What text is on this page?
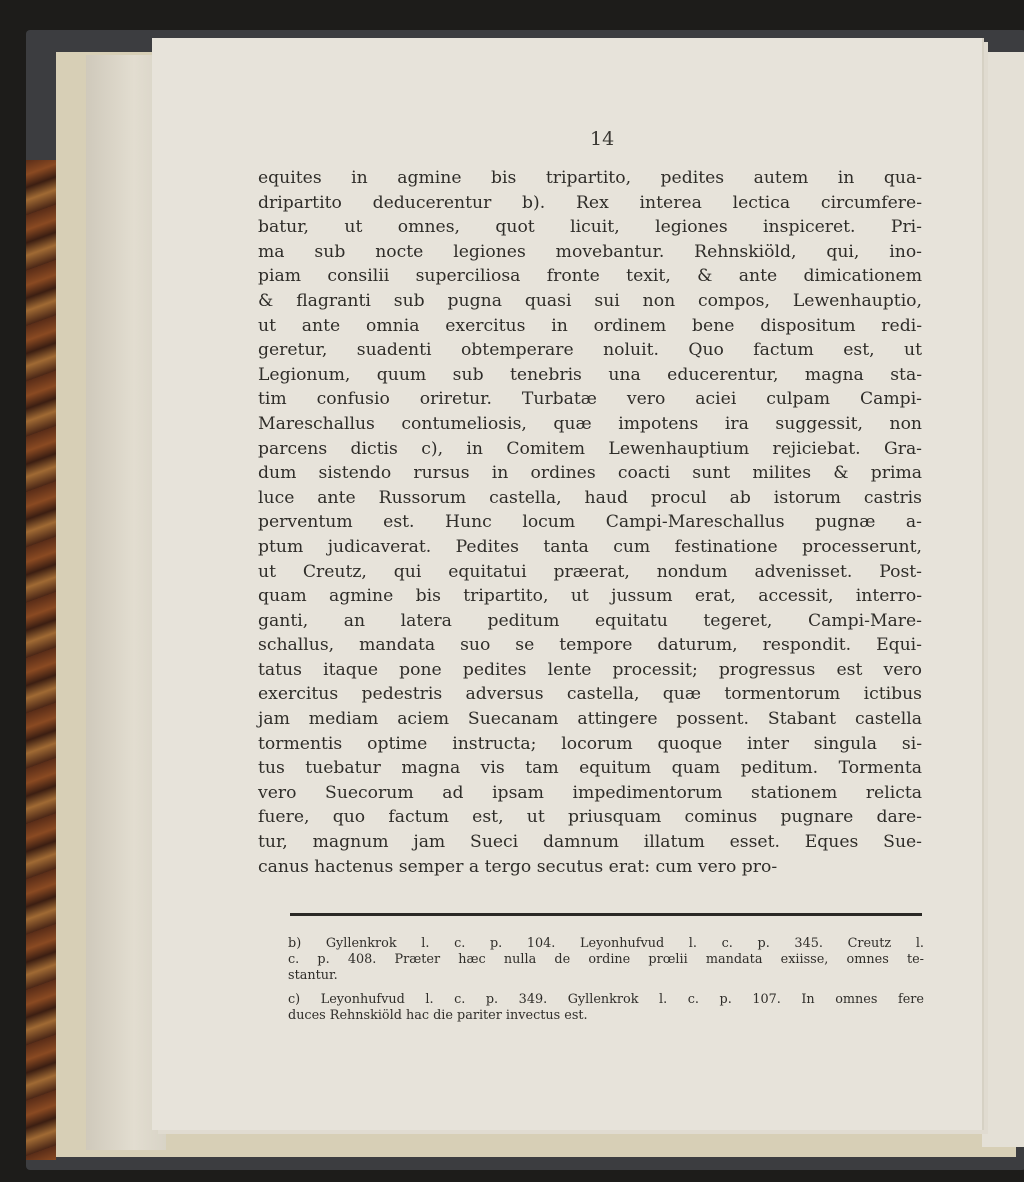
14
equites in agmine bis tripartito, pedites autem in qua-
dripartito deducerentur b). Rex interea lectica circumfere-
batur, ut omnes, quot licuit, legiones inspiceret. Pri-
ma sub nocte legiones movebantur. Rehnskiöld, qui, ino-
piam consilii superciliosa fronte texit, & ante dimicationem
& flagranti sub pugna quasi sui non compos, Lewenhauptio,
ut ante omnia exercitus in ordinem bene dispositum redi-
geretur, suadenti obtemperare noluit. Quo factum est, ut
Legionum, quum sub tenebris una educerentur, magna sta-
tim confusio oriretur. Turbatæ vero aciei culpam Campi-
Mareschallus contumeliosis, quæ impotens ira suggessit, non
parcens dictis c), in Comitem Lewenhauptium rejiciebat. Gra-
dum sistendo rursus in ordines coacti sunt milites & prima
luce ante Russorum castella, haud procul ab istorum castris
perventum est. Hunc locum Campi-Mareschallus pugnæ a-
ptum judicaverat. Pedites tanta cum festinatione processerunt,
ut Creutz, qui equitatui præerat, nondum advenisset. Post-
quam agmine bis tripartito, ut jussum erat, accessit, interro-
ganti, an latera peditum equitatu tegeret, Campi-Mare-
schallus, mandata suo se tempore daturum, respondit. Equi-
tatus itaque pone pedites lente processit; progressus est vero
exercitus pedestris adversus castella, quæ tormentorum ictibus
jam mediam aciem Suecanam attingere possent. Stabant castella
tormentis optime instructa; locorum quoque inter singula si-
tus tuebatur magna vis tam equitum quam peditum. Tormenta
vero Suecorum ad ipsam impedimentorum stationem relicta
fuere, quo factum est, ut priusquam cominus pugnare dare-
tur, magnum jam Sueci damnum illatum esset. Eques Sue-
canus hactenus semper a tergo secutus erat: cum vero pro-
b) Gyllenkrok l. c. p. 104. Leyonhufvud l. c. p. 345. Creutz l.
c. p. 408. Præter hæc nulla de ordine prœlii mandata exiisse, omnes te-
stantur.
c) Leyonhufvud l. c. p. 349. Gyllenkrok l. c. p. 107. In omnes fere
duces Rehnskiöld hac die pariter invectus est.
